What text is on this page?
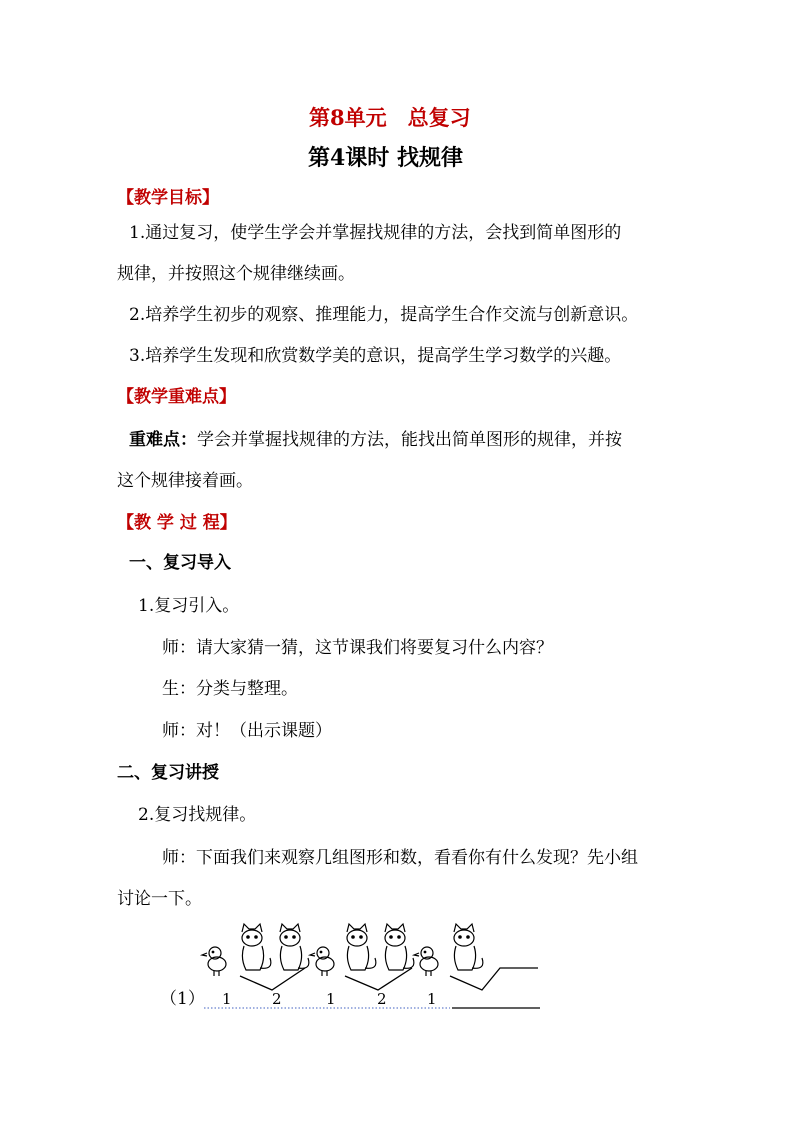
第8单元　总复习
第4课时 找规律
【教学目标】
1.通过复习，使学生学会并掌握找规律的方法，会找到简单图形的
规律，并按照这个规律继续画。
2.培养学生初步的观察、推理能力，提高学生合作交流与创新意识。
3.培养学生发现和欣赏数学美的意识，提高学生学习数学的兴趣。
【教学重难点】
重难点：学会并掌握找规律的方法，能找出简单图形的规律，并按
这个规律接着画。
【教 学 过 程】
一、复习导入
1.复习引入。
师：请大家猜一猜，这节课我们将要复习什么内容？
生：分类与整理。
师：对！（出示课题）
二、复习讲授
2.复习找规律。
师：下面我们来观察几组图形和数，看看你有什么发现？先小组
讨论一下。
（1） 1	2	1	2	1
